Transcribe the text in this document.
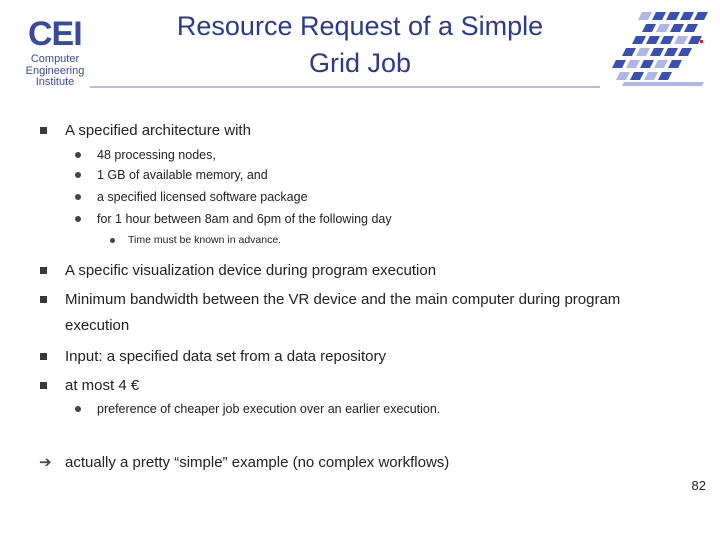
CEI
Computer
Engineering
Institute
Resource Request of a Simple
Grid Job
A specified architecture with
48 processing nodes,
1 GB of available memory, and
a specified licensed software package
for 1 hour between 8am and 6pm of the following day
Time must be known in advance.
A specific visualization device during program execution
Minimum bandwidth between the VR device and the main computer during program
execution
Input: a specified data set from a data repository
at most 4 €
preference of cheaper job execution over an earlier execution.
➔ actually a pretty “simple” example (no complex workflows)
82
